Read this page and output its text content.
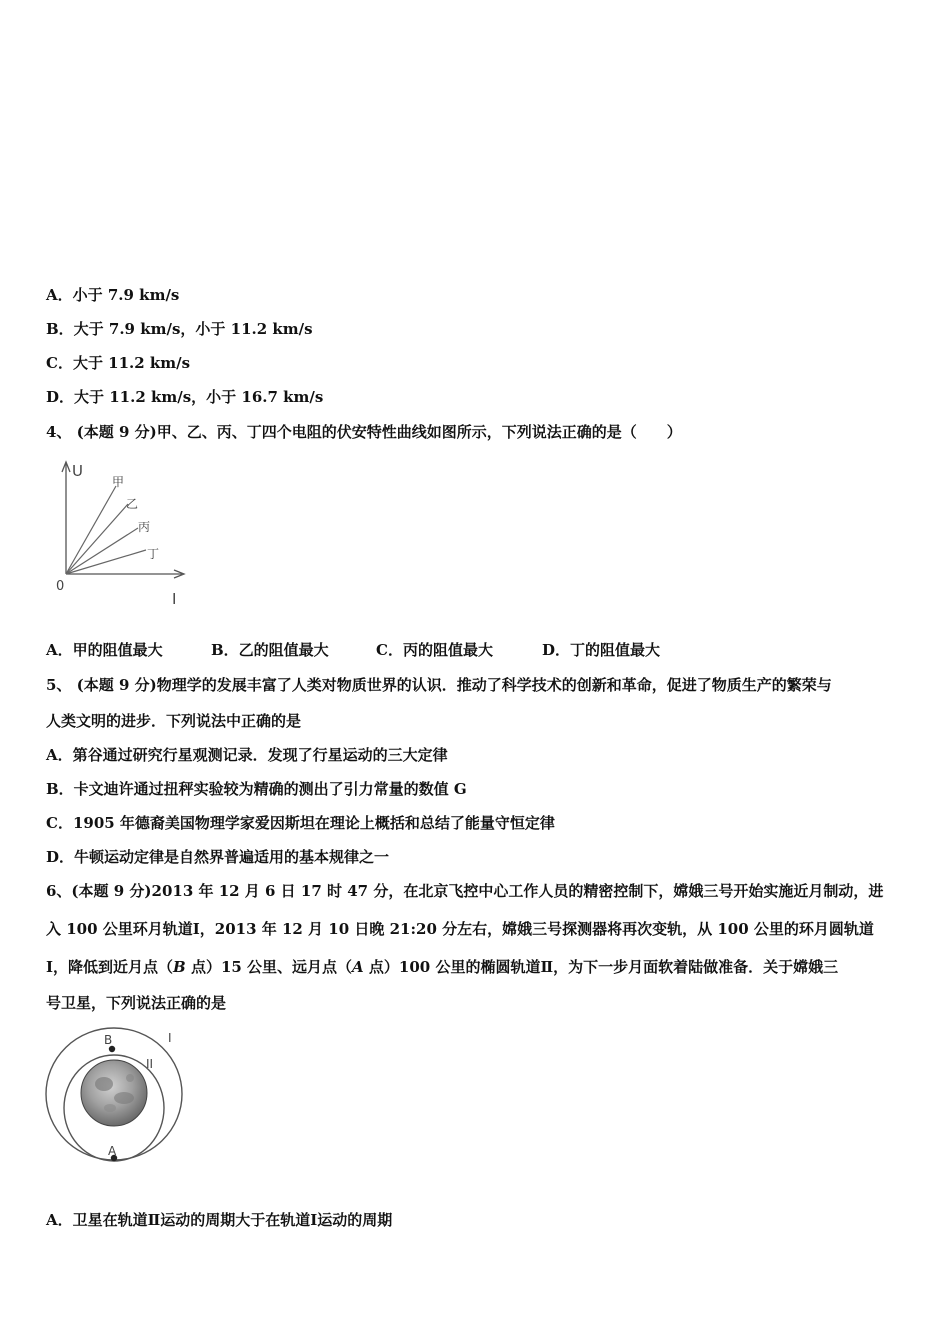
A．小于 7.9 km/s
B．大于 7.9 km/s，小于 11.2 km/s
C．大于 11.2 km/s
D．大于 11.2 km/s，小于 16.7 km/s
4、 (本题 9 分)甲、乙、丙、丁四个电阻的伏安特性曲线如图所示，下列说法正确的是（　　）
U
I
0
甲
乙
丙
丁
A．甲的阻值最大	B．乙的阻值最大	C．丙的阻值最大	D．丁的阻值最大
5、 (本题 9 分)物理学的发展丰富了人类对物质世界的认识．推动了科学技术的创新和革命，促进了物质生产的繁荣与
人类文明的进步．下列说法中正确的是
A．第谷通过研究行星观测记录．发现了行星运动的三大定律
B．卡文迪许通过扭秤实验较为精确的测出了引力常量的数值 G
C．1905 年德裔美国物理学家爱因斯坦在理论上概括和总结了能量守恒定律
D．牛顿运动定律是自然界普遍适用的基本规律之一
6、(本题 9 分)2013 年 12 月 6 日 17 时 47 分，在北京飞控中心工作人员的精密控制下，嫦娥三号开始实施近月制动，进
入 100 公里环月轨道Ⅰ，2013 年 12 月 10 日晚 21:20 分左右，嫦娥三号探测器将再次变轨，从 100 公里的环月圆轨道
Ⅰ，降低到近月点（B 点）15 公里、远月点（A 点）100 公里的椭圆轨道Ⅱ，为下一步月面软着陆做准备．关于嫦娥三
号卫星，下列说法正确的是
B
A
I
II
A．卫星在轨道Ⅱ运动的周期大于在轨道Ⅰ运动的周期
